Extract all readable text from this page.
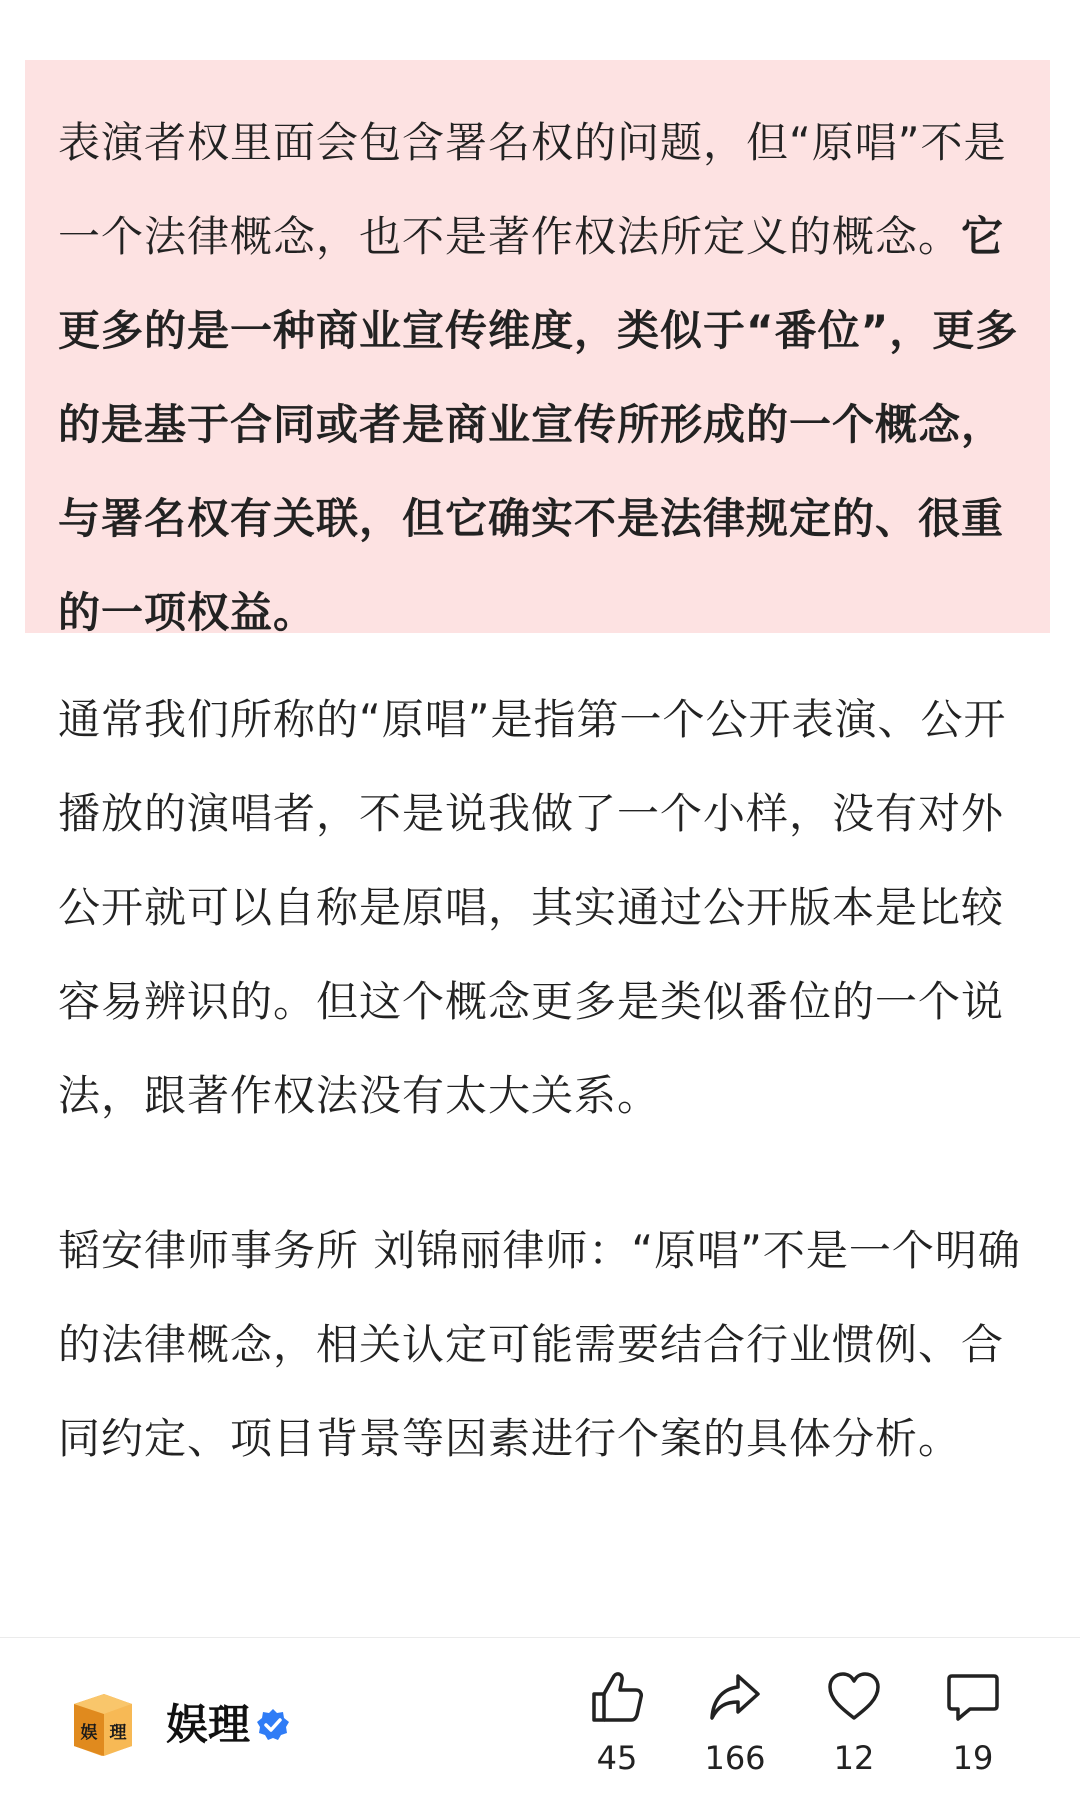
表演者权里面会包含署名权的问题，但“原唱”不是一个法律概念，也不是著作权法所定义的概念。它更多的是一种商业宣传维度，类似于“番位”，更多的是基于合同或者是商业宣传所形成的一个概念，与署名权有关联，但它确实不是法律规定的、很重的一项权益。

通常我们所称的“原唱”是指第一个公开表演、公开播放的演唱者，不是说我做了一个小样，没有对外公开就可以自称是原唱，其实通过公开版本是比较容易辨识的。但这个概念更多是类似番位的一个说法，跟著作权法没有太大关系。

韬安律师事务所 刘锦丽律师：“原唱”不是一个明确的法律概念，相关认定可能需要结合行业惯例、合同约定、项目背景等因素进行个案的具体分析。

娱 理 娱理
45	166	12	19
